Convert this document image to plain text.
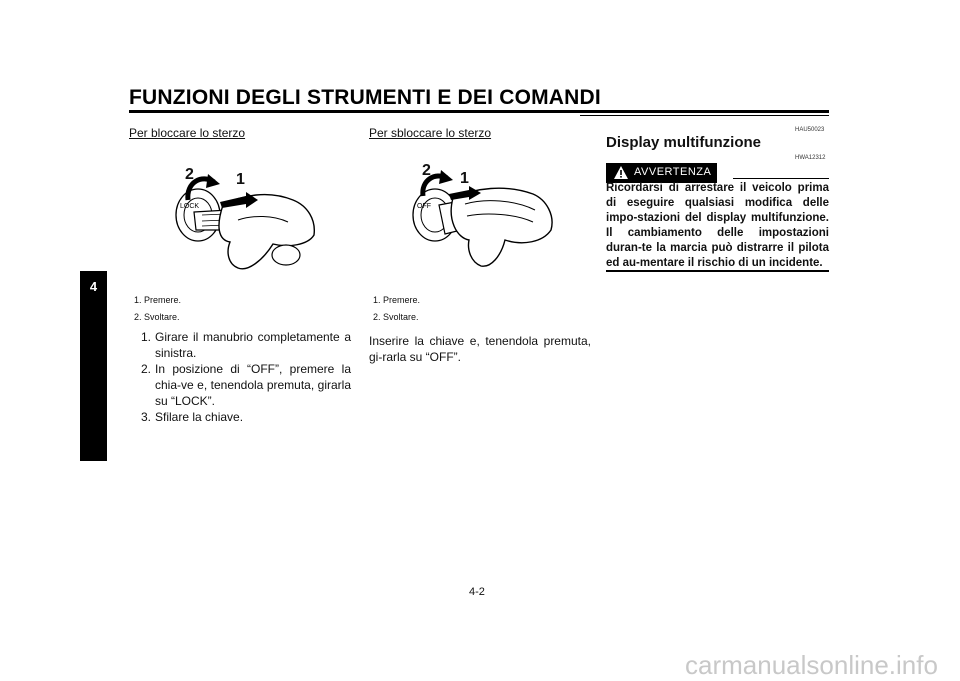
FUNZIONI DEGLI STRUMENTI E DEI COMANDI
4
Per bloccare lo sterzo
LOCK
2	1
1. Premere.
2. Svoltare.
1. Girare il manubrio completamente a sinistra.
2. In posizione di “OFF”, premere la chia-ve e, tenendola premuta, girarla su “LOCK”.
3. Sfilare la chiave.
Per sbloccare lo sterzo
OFF
2 1
1. Premere.
2. Svoltare.
Inserire la chiave e, tenendola premuta, gi-rarla su “OFF”.
HAU50023
Display multifunzione
HWA12312
AVVERTENZA
Ricordarsi di arrestare il veicolo prima di eseguire qualsiasi modifica delle impo-stazioni del display multifunzione. Il cambiamento delle impostazioni duran-te la marcia può distrarre il pilota ed au-mentare il rischio di un incidente.
4-2
carmanualsonline.info
